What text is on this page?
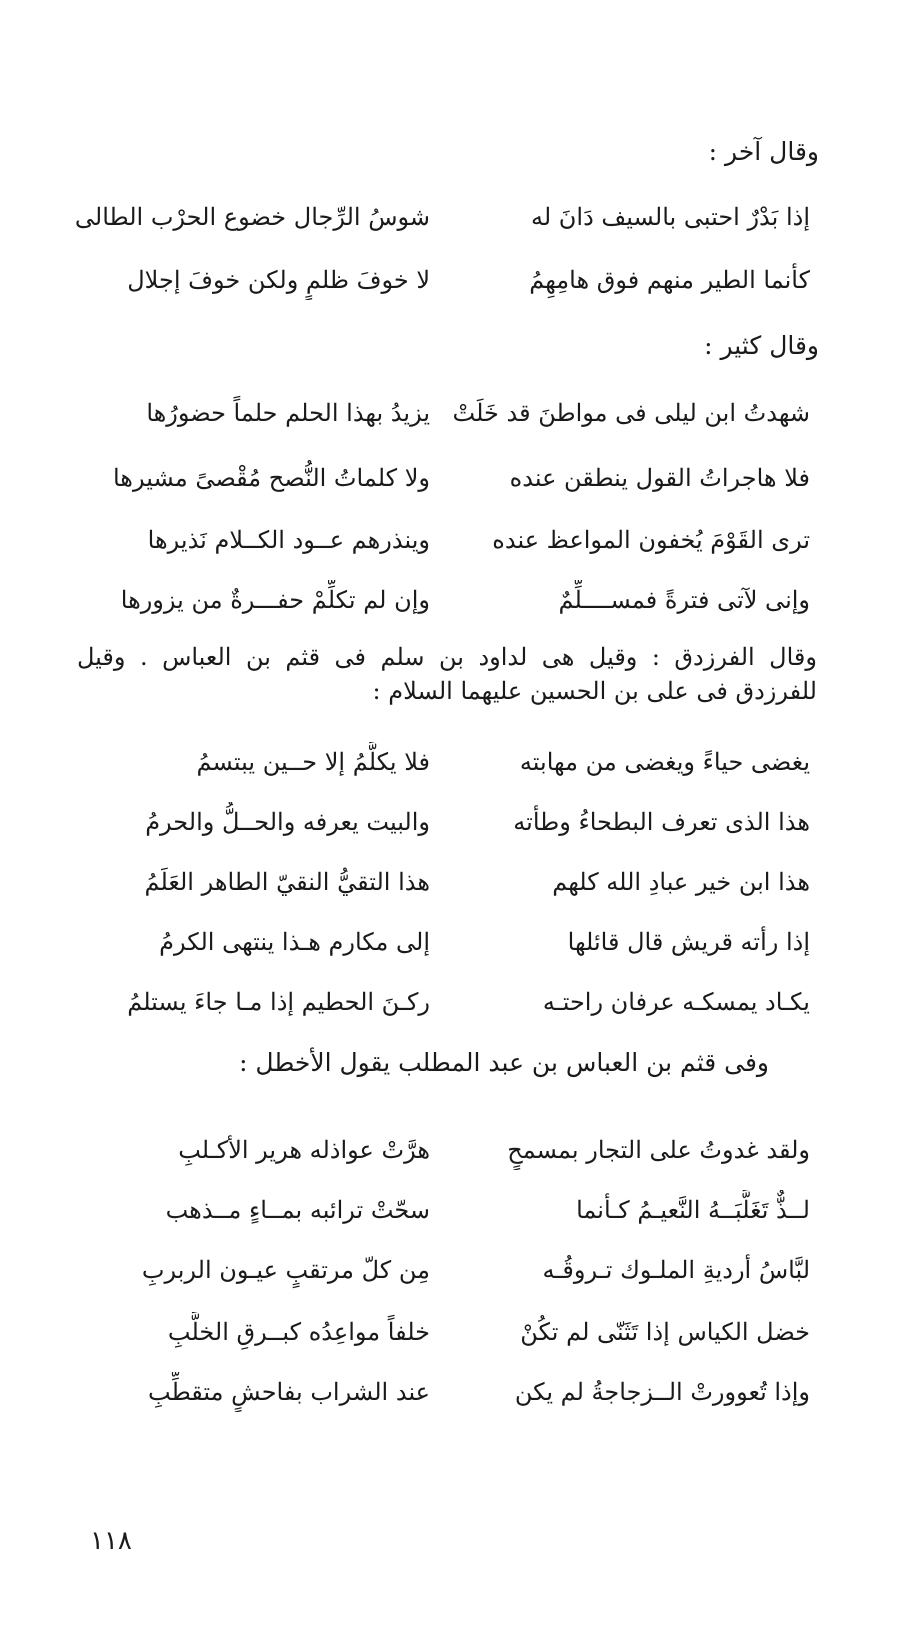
وقال آخر :
إذا بَدْرٌ احتبى بالسيف دَانَ له
شوسُ الرِّجال خضوع الحرْب الطالى
كأنما الطير منهم فوق هامِهِمُ
لا خوفَ ظلمٍ ولكن خوفَ إجلال
وقال كثير :
شهدتُ ابن ليلى فى مواطنَ قد خَلَتْ
يزيدُ بهذا الحلم حلماً حضورُها
فلا هاجراتُ القول ينطقن عنده
ولا كلماتُ النُّصح مُقْصىً مشيرها
ترى القَوْمَ يُخفون المواعظ عنده
وينذرهم عــود الكــلام نَذيرها
وإنى لآتى فترةً فمســــلِّمٌ
وإن لم تكلِّمْ حفـــرةٌ من يزورها
وقال الفرزدق : وقيل هى لداود بن سلم فى قثم بن العباس . وقيل للفرزدق فى على بن الحسين عليهما السلام :
يغضى حياءً ويغضى من مهابته
فلا يكلَّمُ إلا حــين يبتسمُ
هذا الذى تعرف البطحاءُ وطأته
والبيت يعرفه والحــلُّ والحرمُ
هذا ابن خير عبادِ الله كلهم
هذا التقيُّ النقيّ الطاهر العَلَمُ
إذا رأته قريش قال قائلها
إلى مكارم هـذا ينتهى الكرمُ
يكـاد يمسكـه عرفان راحتـه
ركـنَ الحطيم إذا مـا جاءَ يستلمُ
وفى قثم بن العباس بن عبد المطلب يقول الأخطل :
ولقد غدوتُ على التجار بمسمحٍ
هرَّتْ عواذله هرير الأكـلبِ
لــذٌّ تَغَلَّبَــهُ النَّعيـمُ كـأنما
سحّتْ ترائبه بمــاءٍ مــذهب
لبَّاسُ أرديةِ الملـوك تـروقُـه
مِن كلّ مرتقبٍ عيـون الربربِ
خضل الكياس إذا تَثَنّى لم تكُنْ
خلفاً مواعِدُه كبــرقِ الخلَّبِ
وإذا تُعوورتْ الــزجاجةُ لم يكن
عند الشراب بفاحشٍ متقطِّبِ
١١٨
